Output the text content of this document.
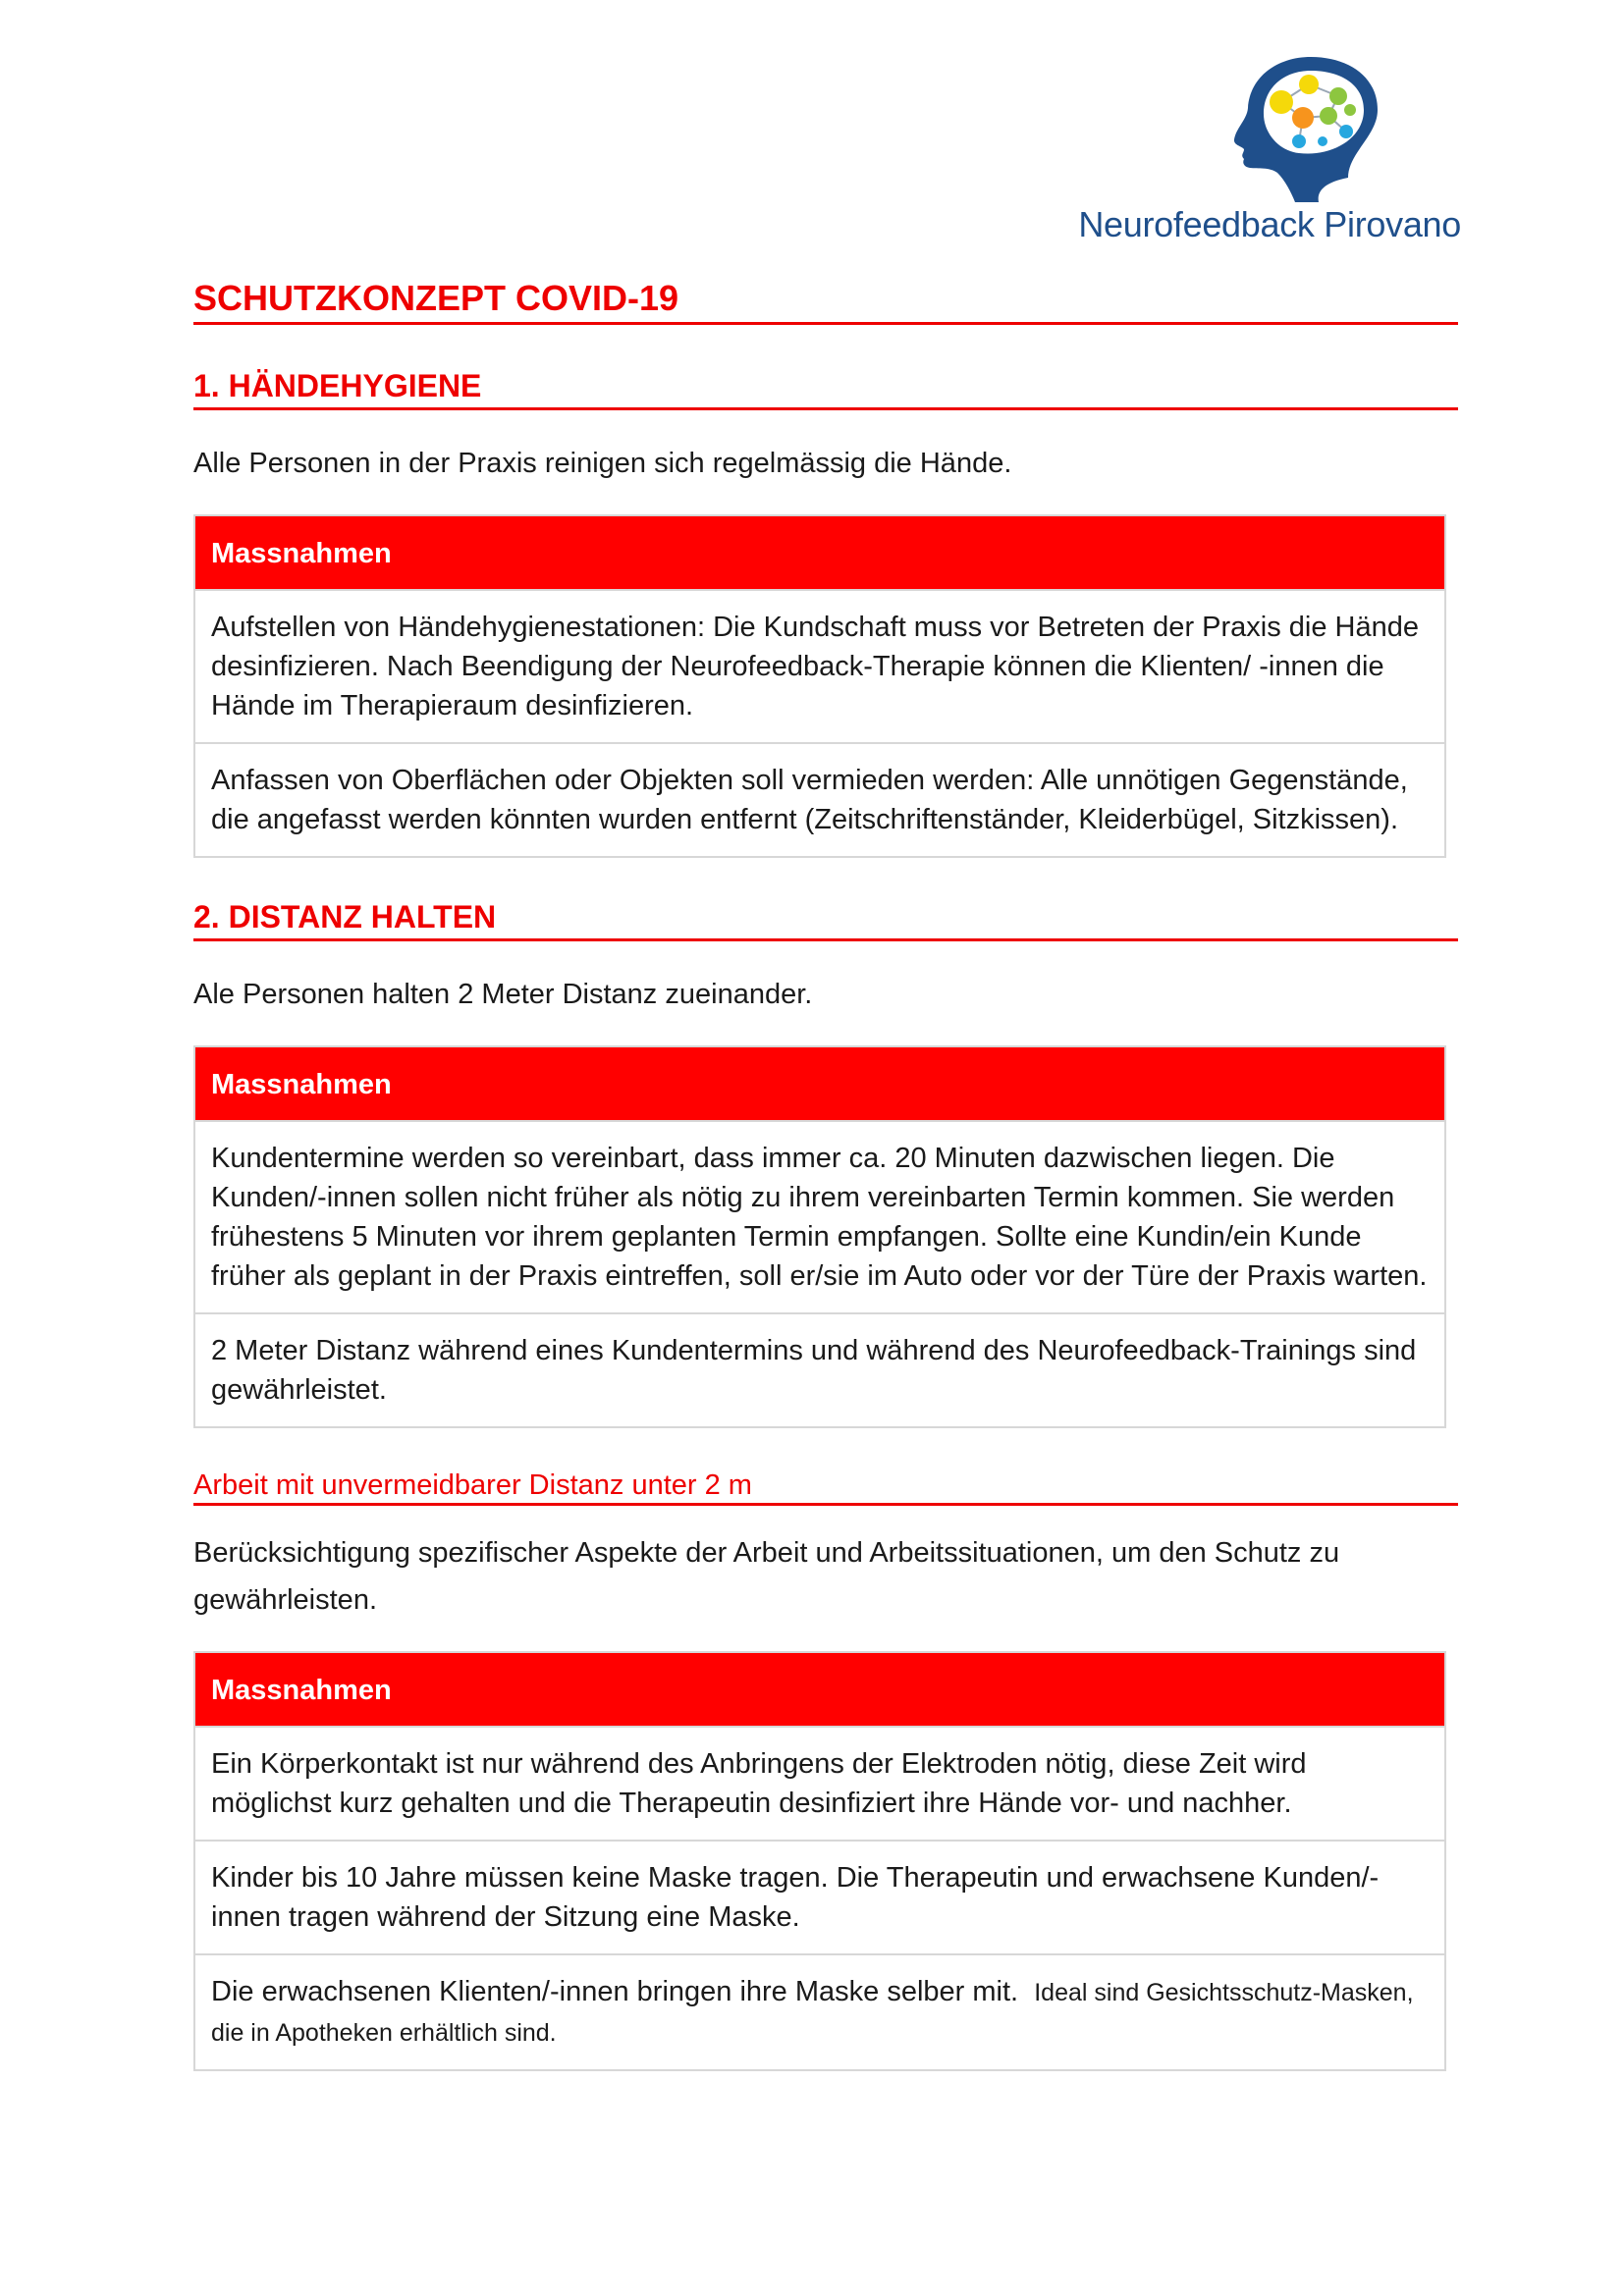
Neurofeedback Pirovano
SCHUTZKONZEPT COVID-19
1. HÄNDEHYGIENE
Alle Personen in der Praxis reinigen sich regelmässig die Hände.
Massnahmen
Aufstellen von Händehygienestationen: Die Kundschaft muss vor Betreten der Praxis die Hände desinfizieren. Nach Beendigung der Neurofeedback-Therapie können die Klienten/ -innen die Hände im Therapieraum desinfizieren.
Anfassen von Oberflächen oder Objekten soll vermieden werden: Alle unnötigen Gegenstände, die angefasst werden könnten wurden entfernt (Zeitschriftenständer, Kleiderbügel, Sitzkissen).
2. DISTANZ HALTEN
Ale Personen halten 2 Meter Distanz zueinander.
Massnahmen
Kundentermine werden so vereinbart, dass immer ca. 20 Minuten dazwischen liegen. Die Kunden/-innen sollen nicht früher als nötig zu ihrem vereinbarten Termin kommen. Sie werden frühestens 5 Minuten vor ihrem geplanten Termin empfangen. Sollte eine Kundin/ein Kunde früher als geplant in der Praxis eintreffen, soll er/sie im Auto oder vor der Türe der Praxis warten.
2 Meter Distanz während eines Kundentermins und während des Neurofeedback-Trainings sind gewährleistet.
Arbeit mit unvermeidbarer Distanz unter 2 m
Berücksichtigung spezifischer Aspekte der Arbeit und Arbeitssituationen, um den Schutz zu gewährleisten.
Massnahmen
Ein Körperkontakt ist nur während des Anbringens der Elektroden nötig, diese Zeit wird möglichst kurz gehalten und die Therapeutin desinfiziert ihre Hände vor- und nachher.
Kinder bis 10 Jahre müssen keine Maske tragen. Die Therapeutin und erwachsene Kunden/-innen tragen während der Sitzung eine Maske.
Die erwachsenen Klienten/-innen bringen ihre Maske selber mit. Ideal sind Gesichtsschutz-Masken, die in Apotheken erhältlich sind.
